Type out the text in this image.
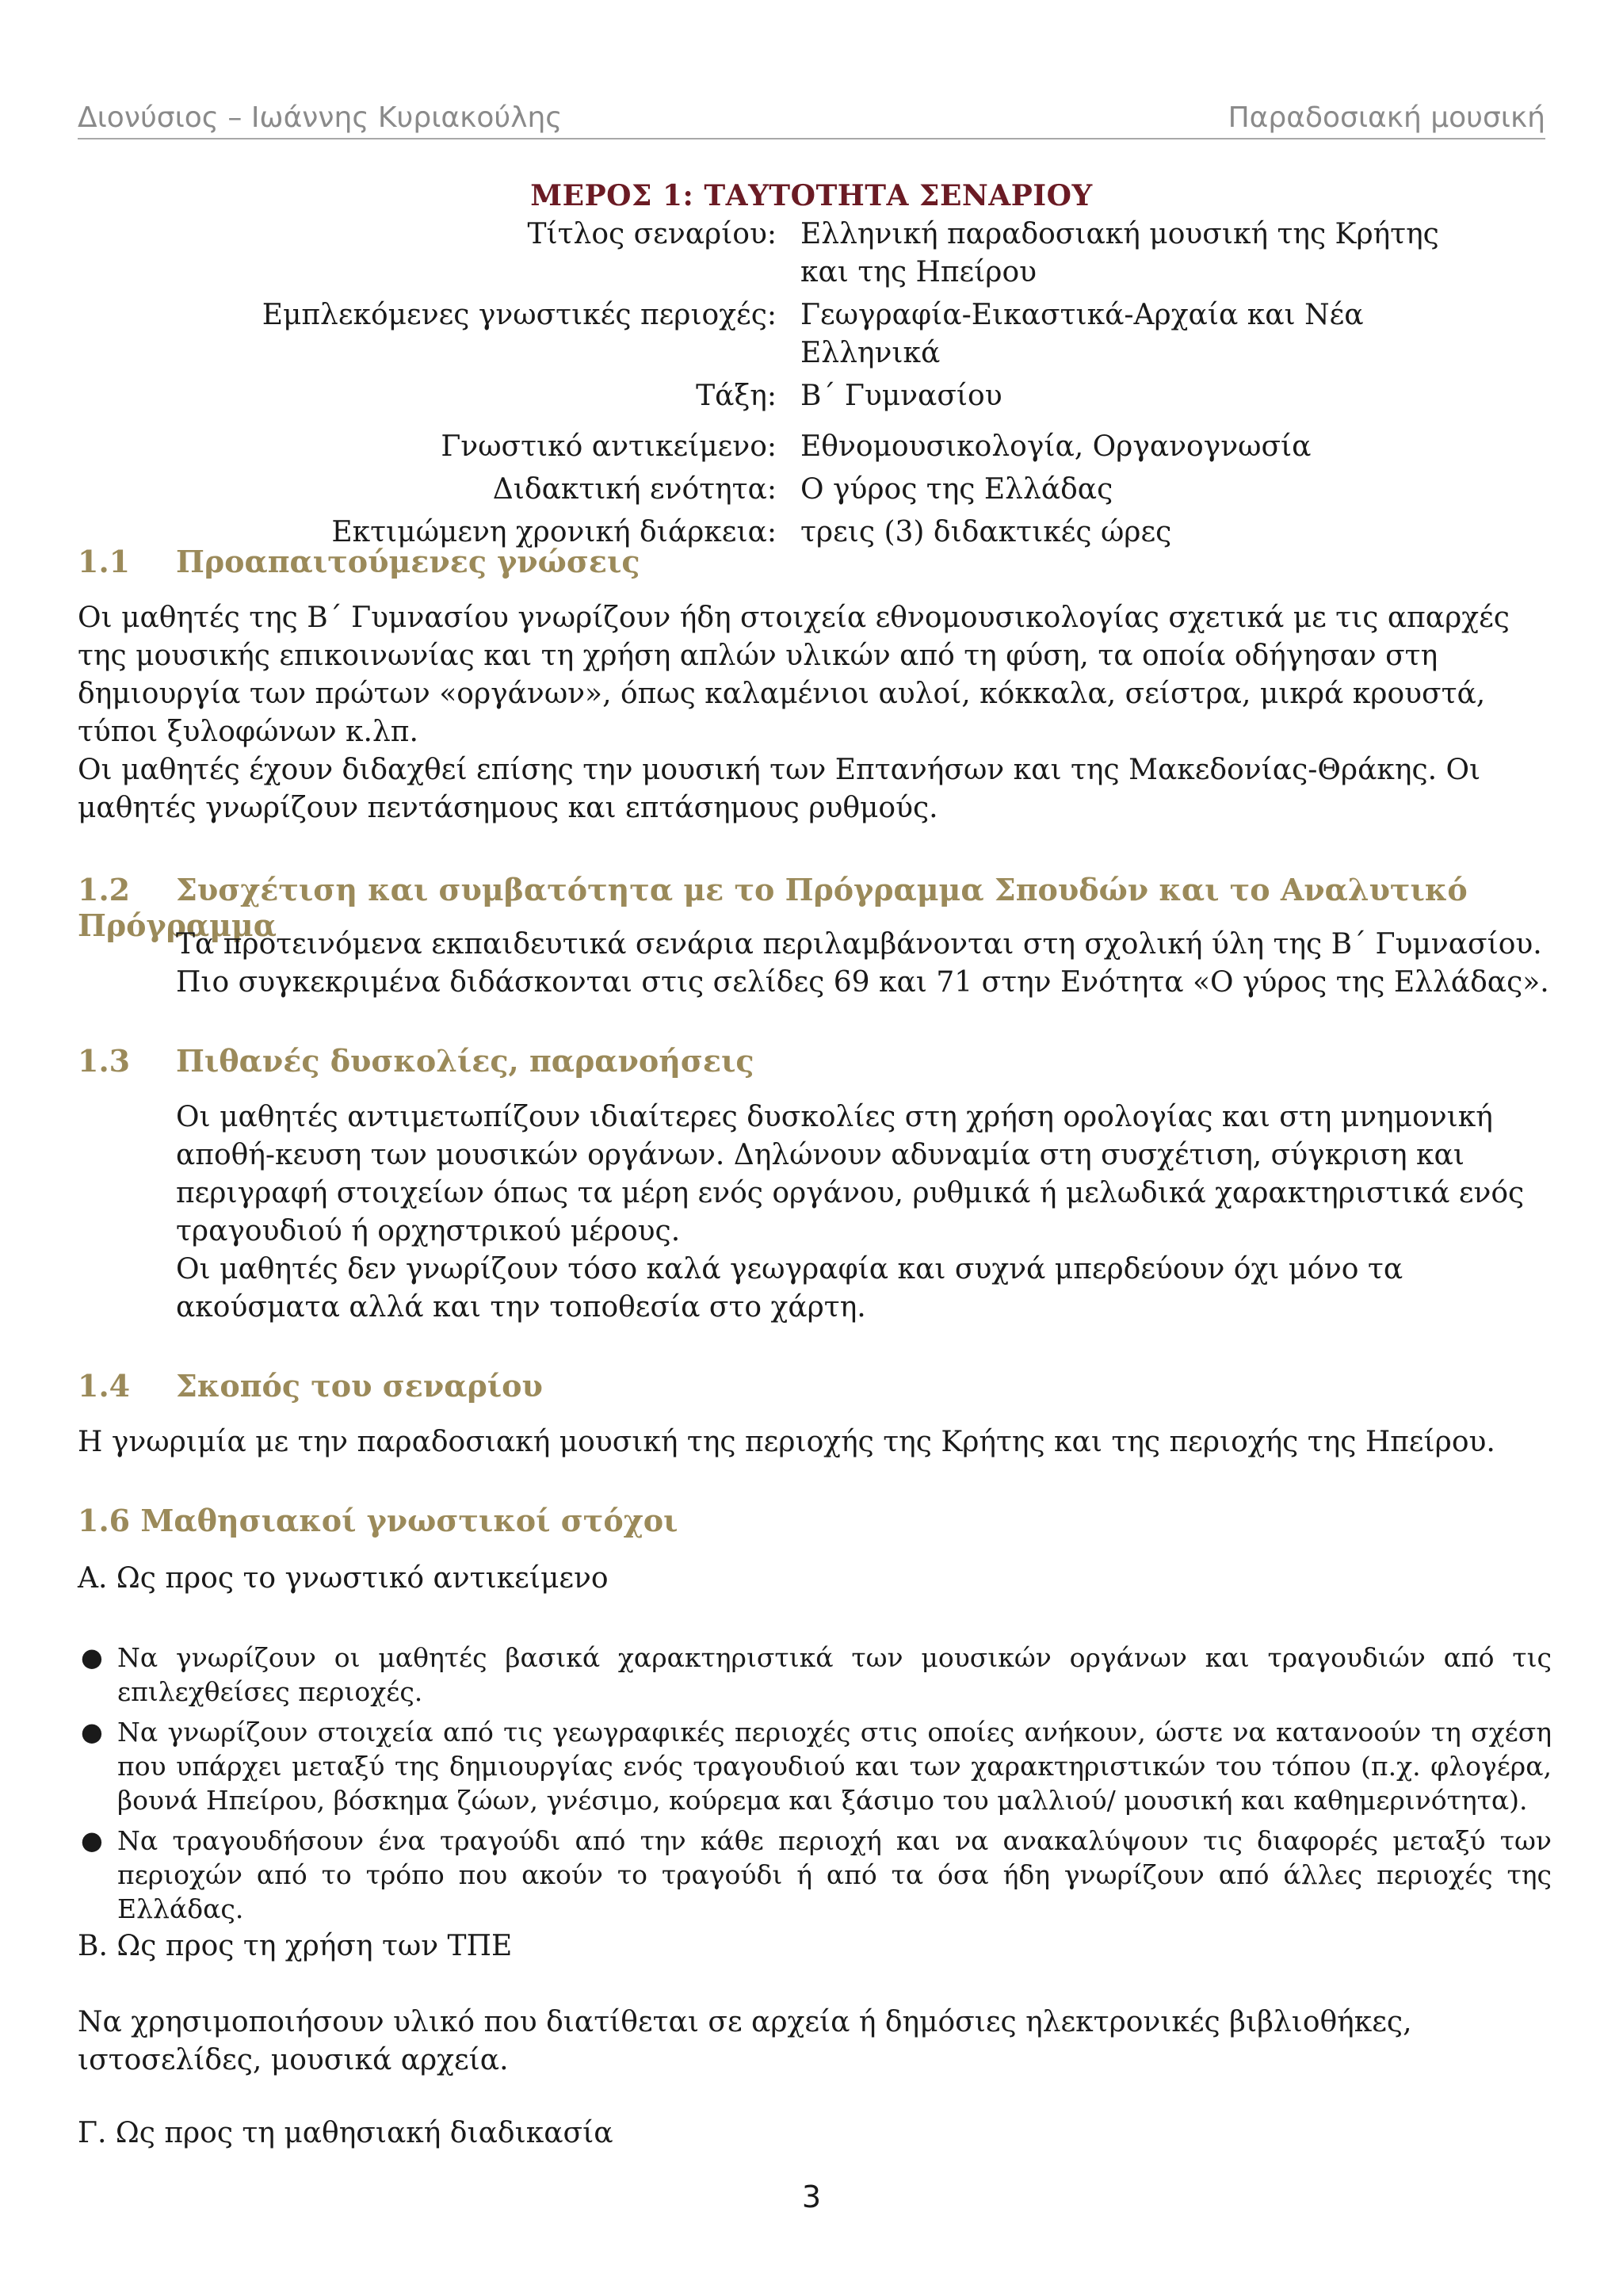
Διονύσιος – Ιωάννης Κυριακούλης	Παραδοσιακή μουσική
ΜΕΡΟΣ 1: ΤΑΥΤΟΤΗΤΑ ΣΕΝΑΡΙΟΥ
Τίτλος σεναρίου: Ελληνική παραδοσιακή μουσική της Κρήτης και της Ηπείρου
Εμπλεκόμενες γνωστικές περιοχές: Γεωγραφία-Εικαστικά-Αρχαία και Νέα Ελληνικά
Τάξη: Β΄ Γυμνασίου
Γνωστικό αντικείμενο: Εθνομουσικολογία, Οργανογνωσία
Διδακτική ενότητα: Ο γύρος της Ελλάδας
Εκτιμώμενη χρονική διάρκεια: τρεις (3) διδακτικές ώρες
1.1 Προαπαιτούμενες γνώσεις

Οι μαθητές της Β΄ Γυμνασίου γνωρίζουν ήδη στοιχεία εθνομουσικολογίας σχετικά με τις απαρχές της μουσικής επικοινωνίας και τη χρήση απλών υλικών από τη φύση, τα οποία οδήγησαν στη δημιουργία των πρώτων «οργάνων», όπως καλαμένιοι αυλοί, κόκκαλα, σείστρα, μικρά κρουστά, τύποι ξυλοφώνων κ.λπ.

Οι μαθητές έχουν διδαχθεί επίσης την μουσική των Επτανήσων και της Μακεδονίας-Θράκης. Οι μαθητές γνωρίζουν πεντάσημους και επτάσημους ρυθμούς.

1.2 Συσχέτιση και συμβατότητα με το Πρόγραμμα Σπουδών και το Αναλυτικό Πρόγραμμα

Τα προτεινόμενα εκπαιδευτικά σενάρια περιλαμβάνονται στη σχολική ύλη της Β΄ Γυμνασίου. Πιο συγκεκριμένα διδάσκονται στις σελίδες 69 και 71 στην Ενότητα «Ο γύρος της Ελλάδας».

1.3 Πιθανές δυσκολίες, παρανοήσεις

Οι μαθητές αντιμετωπίζουν ιδιαίτερες δυσκολίες στη χρήση ορολογίας και στη μνημονική αποθή-κευση των μουσικών οργάνων. Δηλώνουν αδυναμία στη συσχέτιση, σύγκριση και περιγραφή στοιχείων όπως τα μέρη ενός οργάνου, ρυθμικά ή μελωδικά χαρακτηριστικά ενός τραγουδιού ή ορχηστρικού μέρους.

Οι μαθητές δεν γνωρίζουν τόσο καλά γεωγραφία και συχνά μπερδεύουν όχι μόνο τα ακούσματα αλλά και την τοποθεσία στο χάρτη.

1.4 Σκοπός του σεναρίου

Η γνωριμία με την παραδοσιακή μουσική της περιοχής της Κρήτης και της περιοχής της Ηπείρου.

1.6 Μαθησιακοί γνωστικοί στόχοι
Α. Ως προς το γνωστικό αντικείμενο
● Να γνωρίζουν οι μαθητές βασικά χαρακτηριστικά των μουσικών οργάνων και τραγουδιών από τις επιλεχθείσες περιοχές.
● Να γνωρίζουν στοιχεία από τις γεωγραφικές περιοχές στις οποίες ανήκουν, ώστε να κατανοούν τη σχέση που υπάρχει μεταξύ της δημιουργίας ενός τραγουδιού και των χαρακτηριστικών του τόπου (π.χ. φλογέρα, βουνά Ηπείρου, βόσκημα ζώων, γνέσιμο, κούρεμα και ξάσιμο του μαλλιού/ μουσική και καθημερινότητα).
● Να τραγουδήσουν ένα τραγούδι από την κάθε περιοχή και να ανακαλύψουν τις διαφορές μεταξύ των περιοχών από το τρόπο που ακούν το τραγούδι ή από τα όσα ήδη γνωρίζουν από άλλες περιοχές της Ελλάδας.
Β. Ως προς τη χρήση των ΤΠΕ
Να χρησιμοποιήσουν υλικό που διατίθεται σε αρχεία ή δημόσιες ηλεκτρονικές βιβλιοθήκες, ιστοσελίδες, μουσικά αρχεία.
Γ. Ως προς τη μαθησιακή διαδικασία
3
